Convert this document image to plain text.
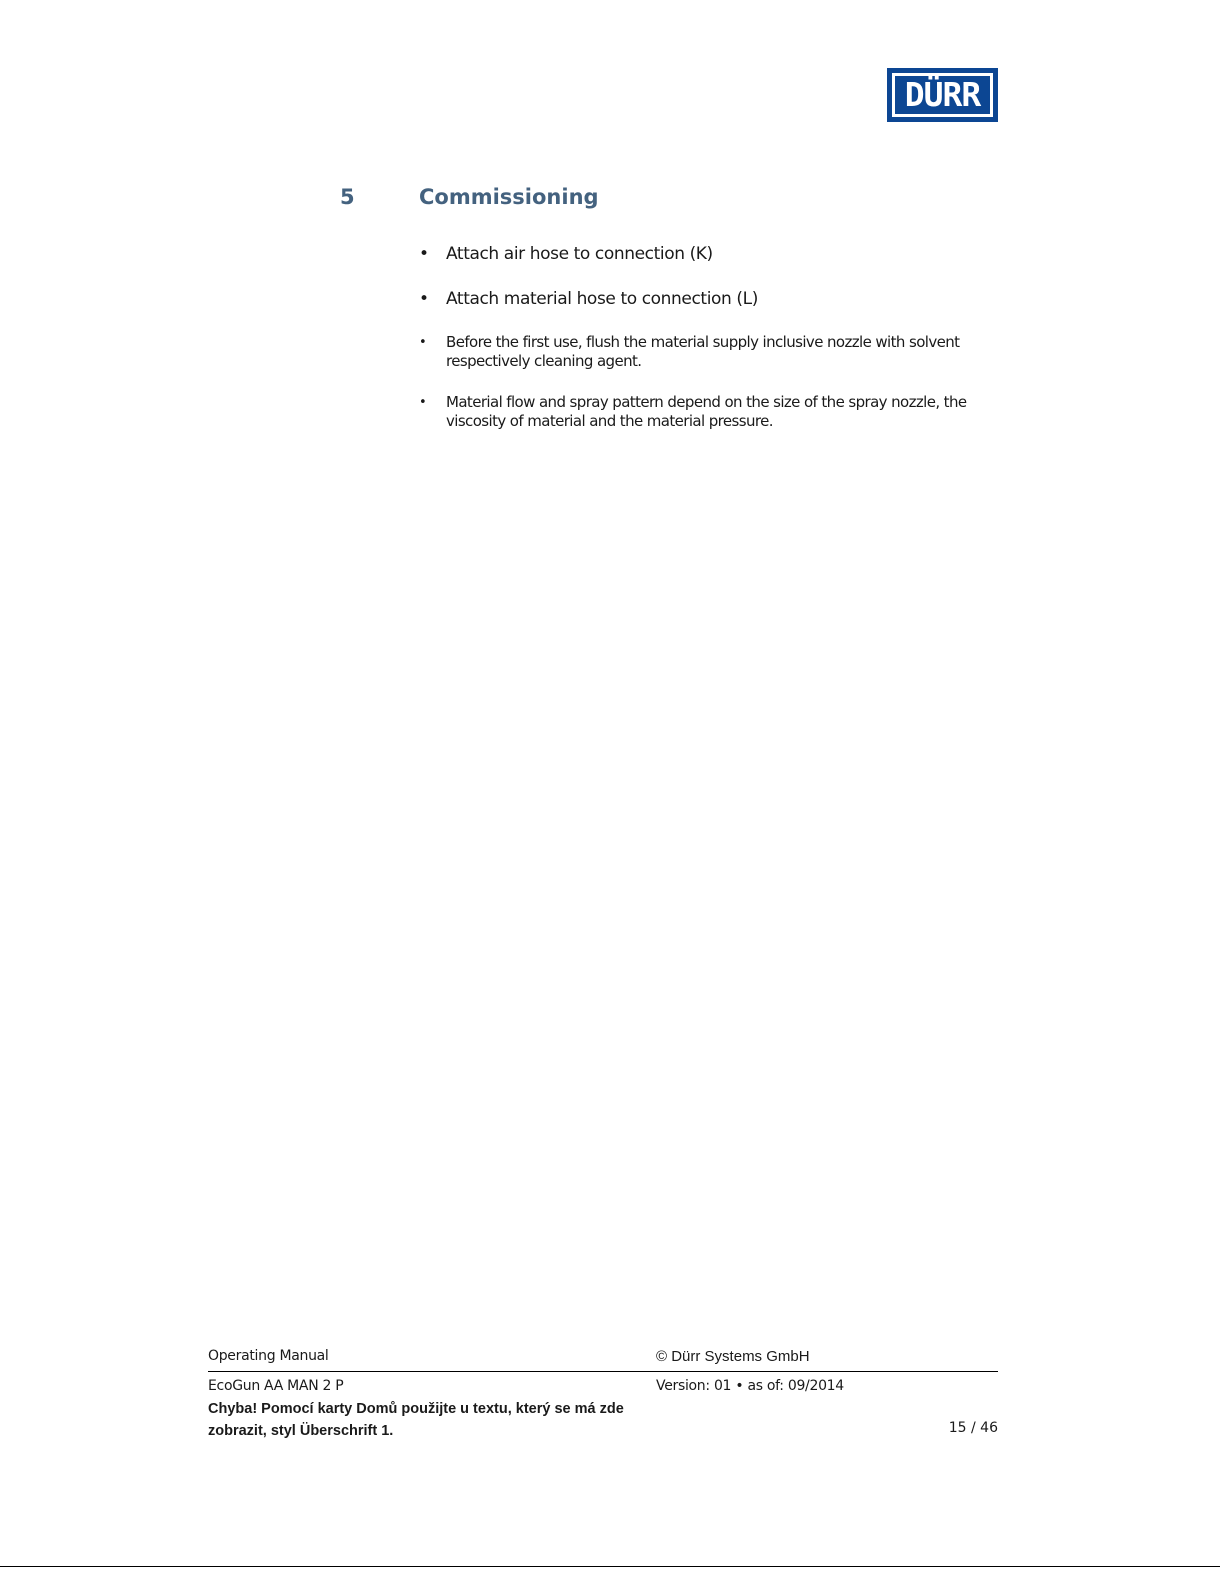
DÜRR
5	Commissioning
• Attach air hose to connection (K)
• Attach material hose to connection (L)
• Before the first use, flush the material supply inclusive nozzle with solvent respectively cleaning agent.
• Material flow and spray pattern depend on the size of the spray nozzle, the viscosity of material and the material pressure.
Operating Manual	© Dürr Systems GmbH
EcoGun AA MAN 2 P	Version: 01 • as of: 09/2014
Chyba! Pomocí karty Domů použijte u textu, který se má zde zobrazit, styl Überschrift 1.	15 / 46
